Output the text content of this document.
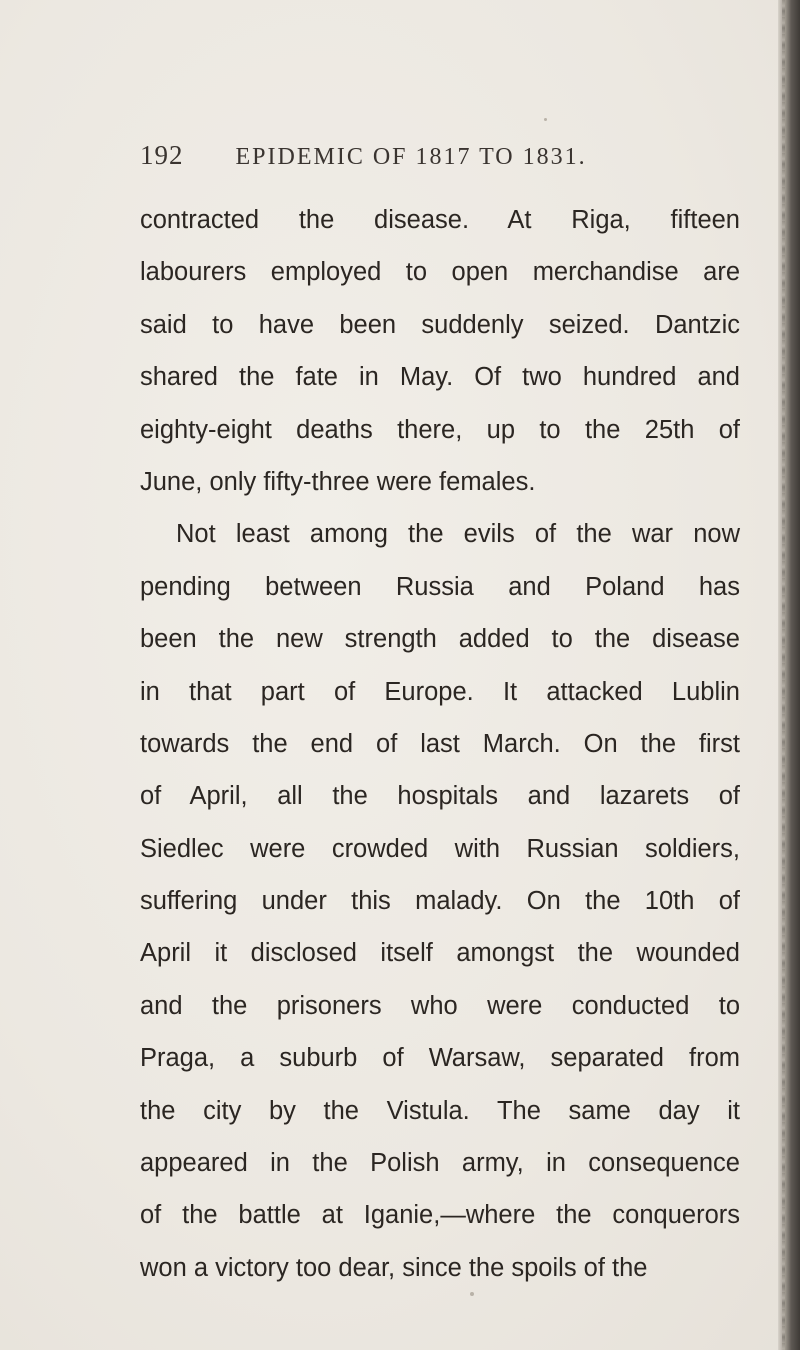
192 EPIDEMIC OF 1817 TO 1831.
contracted the disease. At Riga, fifteen
labourers employed to open merchandise are
said to have been suddenly seized. Dantzic
shared the fate in May. Of two hundred and
eighty-eight deaths there, up to the 25th of
June, only fifty-three were females.
Not least among the evils of the war now
pending between Russia and Poland has
been the new strength added to the disease
in that part of Europe. It attacked Lublin
towards the end of last March. On the first
of April, all the hospitals and lazarets of
Siedlec were crowded with Russian soldiers,
suffering under this malady. On the 10th of
April it disclosed itself amongst the wounded
and the prisoners who were conducted to
Praga, a suburb of Warsaw, separated from
the city by the Vistula. The same day it
appeared in the Polish army, in consequence
of the battle at Iganie,—where the conquerors
won a victory too dear, since the spoils of the
